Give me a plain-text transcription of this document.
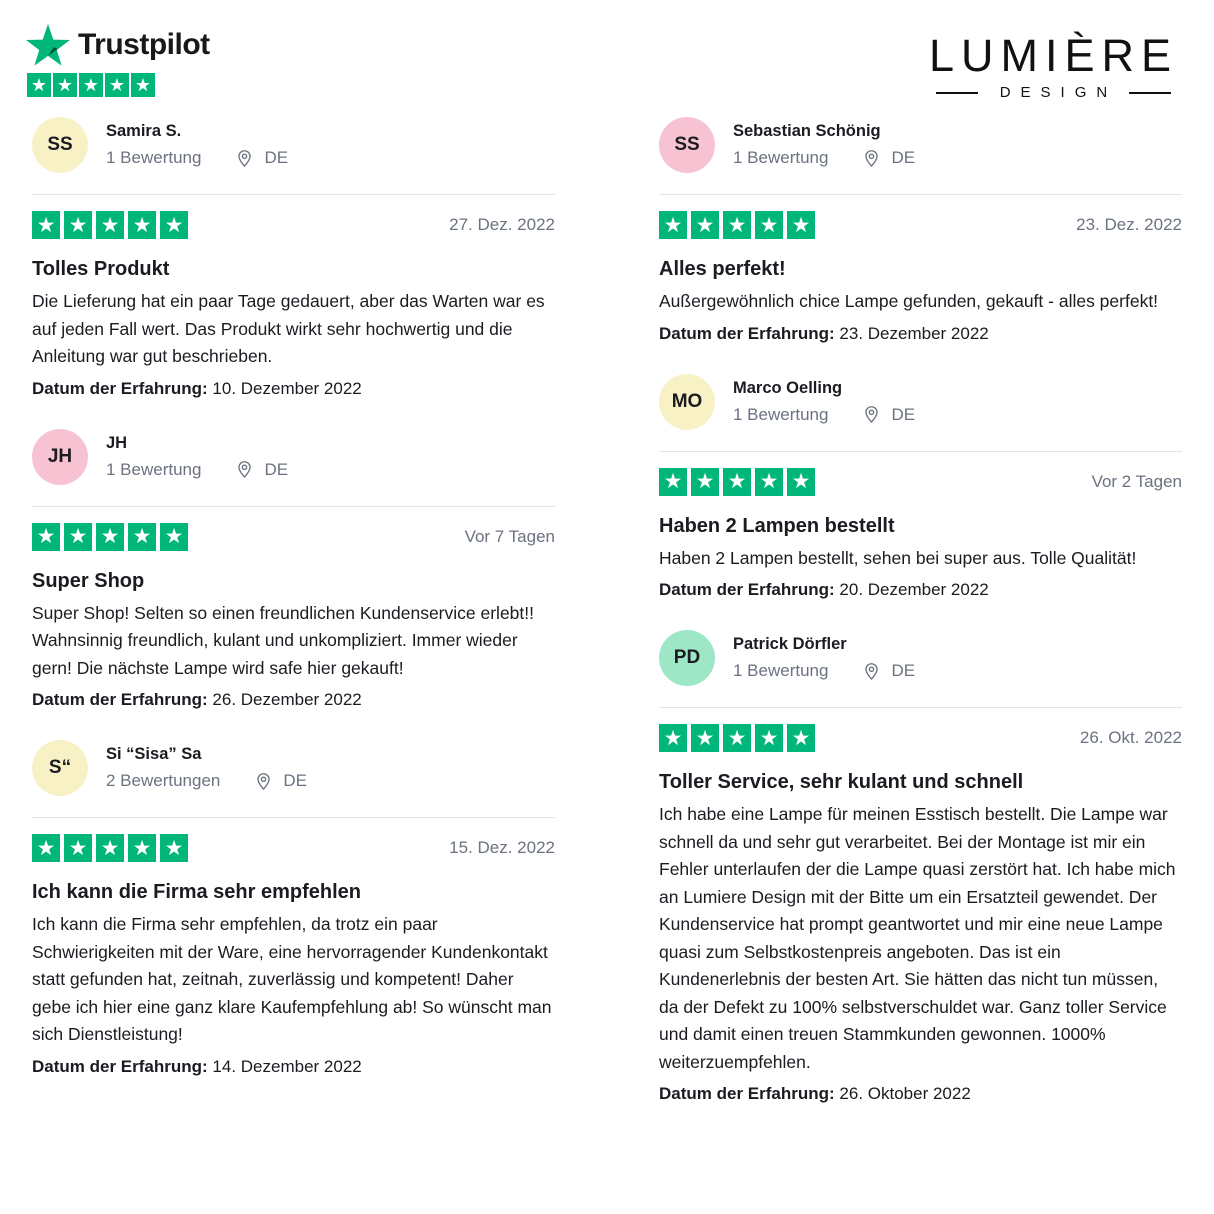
Trustpilot
★ ★ ★ ★ ★
LUMIÈRE
DESIGN
SS
Samira S.
1 Bewertung	DE
★ ★ ★ ★ ★	27. Dez. 2022
Tolles Produkt
Die Lieferung hat ein paar Tage gedauert, aber das Warten war es auf jeden Fall wert. Das Produkt wirkt sehr hochwertig und die Anleitung war gut beschrieben.
Datum der Erfahrung: 10. Dezember 2022
JH
JH
1 Bewertung	DE
★ ★ ★ ★ ★	Vor 7 Tagen
Super Shop
Super Shop! Selten so einen freundlichen Kundenservice erlebt!! Wahnsinnig freundlich, kulant und unkompliziert. Immer wieder gern! Die nächste Lampe wird safe hier gekauft!
Datum der Erfahrung: 26. Dezember 2022
S“
Si “Sisa” Sa
2 Bewertungen	DE
★ ★ ★ ★ ★	15. Dez. 2022
Ich kann die Firma sehr empfehlen
Ich kann die Firma sehr empfehlen, da trotz ein paar Schwierigkeiten mit der Ware, eine hervorragender Kundenkontakt statt gefunden hat, zeitnah, zuverlässig und kompetent! Daher gebe ich hier eine ganz klare Kaufempfehlung ab! So wünscht man sich Dienstleistung!
Datum der Erfahrung: 14. Dezember 2022
SS
Sebastian Schönig
1 Bewertung	DE
★ ★ ★ ★ ★	23. Dez. 2022
Alles perfekt!
Außergewöhnlich chice Lampe gefunden, gekauft - alles perfekt!
Datum der Erfahrung: 23. Dezember 2022
MO
Marco Oelling
1 Bewertung	DE
★ ★ ★ ★ ★	Vor 2 Tagen
Haben 2 Lampen bestellt
Haben 2 Lampen bestellt, sehen bei super aus. Tolle Qualität!
Datum der Erfahrung: 20. Dezember 2022
PD
Patrick Dörfler
1 Bewertung	DE
★ ★ ★ ★ ★	26. Okt. 2022
Toller Service, sehr kulant und schnell
Ich habe eine Lampe für meinen Esstisch bestellt. Die Lampe war schnell da und sehr gut verarbeitet. Bei der Montage ist mir ein Fehler unterlaufen der die Lampe quasi zerstört hat. Ich habe mich an Lumiere Design mit der Bitte um ein Ersatzteil gewendet. Der Kundenservice hat prompt geantwortet und mir eine neue Lampe quasi zum Selbstkostenpreis angeboten. Das ist ein Kundenerlebnis der besten Art. Sie hätten das nicht tun müssen, da der Defekt zu 100% selbstverschuldet war. Ganz toller Service und damit einen treuen Stammkunden gewonnen. 1000% weiterzuempfehlen.
Datum der Erfahrung: 26. Oktober 2022
